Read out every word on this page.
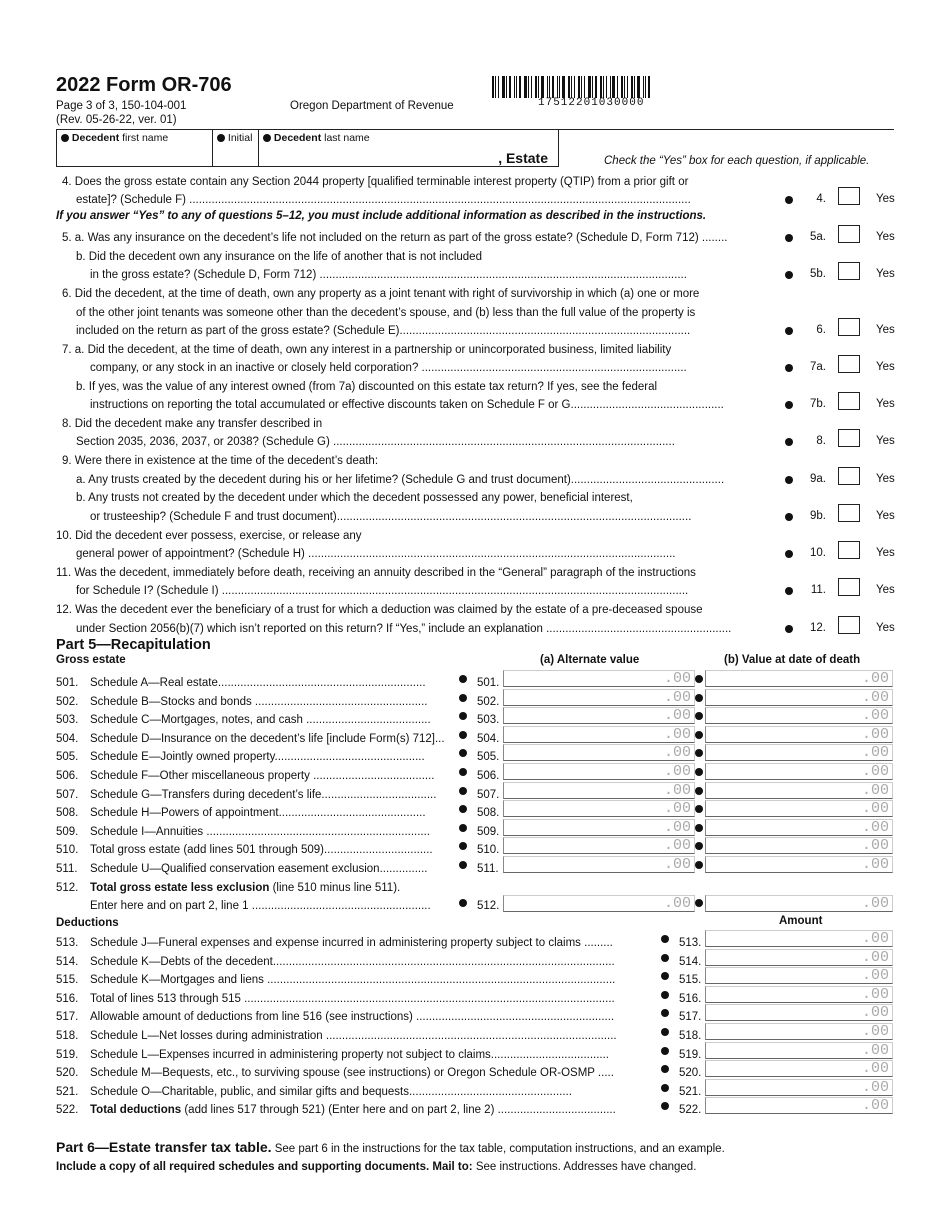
2022 Form OR-706
Page 3 of 3, 150-104-001
(Rev. 05-26-22, ver. 01)
Oregon Department of Revenue	17512201030000
Decedent first name	Initial	Decedent last name
, Estate	Check the “Yes” box for each question, if applicable.
4. Does the gross estate contain any Section 2044 property [qualified terminable interest property (QTIP) from a prior gift or
estate]? (Schedule F) .............................................................................................................................................................	4.	Yes
5. a. Was any insurance on the decedent’s life not included on the return as part of the gross estate? (Schedule D, Form 712) ........	5a.	Yes
b. Did the decedent own any insurance on the life of another that is not included
in the gross estate? (Schedule D, Form 712) ...................................................................................................................	5b.	Yes
6. Did the decedent, at the time of death, own any property as a joint tenant with right of survivorship in which (a) one or more
of the other joint tenants was someone other than the decedent’s spouse, and (b) less than the full value of the property is
included on the return as part of the gross estate? (Schedule E)...........................................................................................	6.	Yes
7. a. Did the decedent, at the time of death, own any interest in a partnership or unincorporated business, limited liability
company, or any stock in an inactive or closely held corporation? ...................................................................................	7a.	Yes
b. If yes, was the value of any interest owned (from 7a) discounted on this estate tax return? If yes, see the federal
instructions on reporting the total accumulated or effective discounts taken on Schedule F or G................................................	7b.	Yes
8. Did the decedent make any transfer described in
Section 2035, 2036, 2037, or 2038? (Schedule G) ...........................................................................................................	8.	Yes
9. Were there in existence at the time of the decedent’s death:
a. Any trusts created by the decedent during his or her lifetime? (Schedule G and trust document)................................................	9a.	Yes
b. Any trusts not created by the decedent under which the decedent possessed any power, beneficial interest,
or trusteeship? (Schedule F and trust document)...............................................................................................................	9b.	Yes
10. Did the decedent ever possess, exercise, or release any
general power of appointment? (Schedule H) ...................................................................................................................	10.	Yes
11. Was the decedent, immediately before death, receiving an annuity described in the “General” paragraph of the instructions
for Schedule I? (Schedule I) ..................................................................................................................................................	11.	Yes
12. Was the decedent ever the beneficiary of a trust for which a deduction was claimed by the estate of a pre-deceased spouse
under Section 2056(b)(7) which isn’t reported on this return? If “Yes,” include an explanation ..........................................................	12.	Yes
If you answer “Yes” to any of questions 5–12, you must include additional information as described in the instructions.
Part 5—Recapitulation
Gross estate	(a) Alternate value	(b) Value at date of death
501. Schedule A—Real estate.................................................................	501.	.00	.00
502. Schedule B—Stocks and bonds ......................................................	502.	.00	.00
503. Schedule C—Mortgages, notes, and cash .......................................	503.	.00	.00
504. Schedule D—Insurance on the decedent’s life [include Form(s) 712]...	504.	.00	.00
505. Schedule E—Jointly owned property...............................................	505.	.00	.00
506. Schedule F—Other miscellaneous property ......................................	506.	.00	.00
507. Schedule G—Transfers during decedent’s life....................................	507.	.00	.00
508. Schedule H—Powers of appointment..............................................	508.	.00	.00
509. Schedule I—Annuities ......................................................................	509.	.00	.00
510. Total gross estate (add lines 501 through 509)..................................	510.	.00	.00
511. Schedule U—Qualified conservation easement exclusion...............	511.	.00	.00
512. Total gross estate less exclusion (line 510 minus line 511).
Enter here and on part 2, line 1 ........................................................	512.	.00	.00
Deductions	Amount
513. Schedule J—Funeral expenses and expense incurred in administering property subject to claims .........	513.	.00
514. Schedule K—Debts of the decedent...........................................................................................................	514.	.00
515. Schedule K—Mortgages and liens .............................................................................................................	515.	.00
516. Total of lines 513 through 515 ....................................................................................................................	516.	.00
517. Allowable amount of deductions from line 516 (see instructions) ..............................................................	517.	.00
518. Schedule L—Net losses during administration ...........................................................................................	518.	.00
519. Schedule L—Expenses incurred in administering property not subject to claims.....................................	519.	.00
520. Schedule M—Bequests, etc., to surviving spouse (see instructions) or Oregon Schedule OR-OSMP .....	520.	.00
521. Schedule O—Charitable, public, and similar gifts and bequests...................................................	521.	.00
522. Total deductions (add lines 517 through 521) (Enter here and on part 2, line 2) .....................................	522.	.00
Part 6—Estate transfer tax table. See part 6 in the instructions for the tax table, computation instructions, and an example.
Include a copy of all required schedules and supporting documents. Mail to: See instructions. Addresses have changed.
